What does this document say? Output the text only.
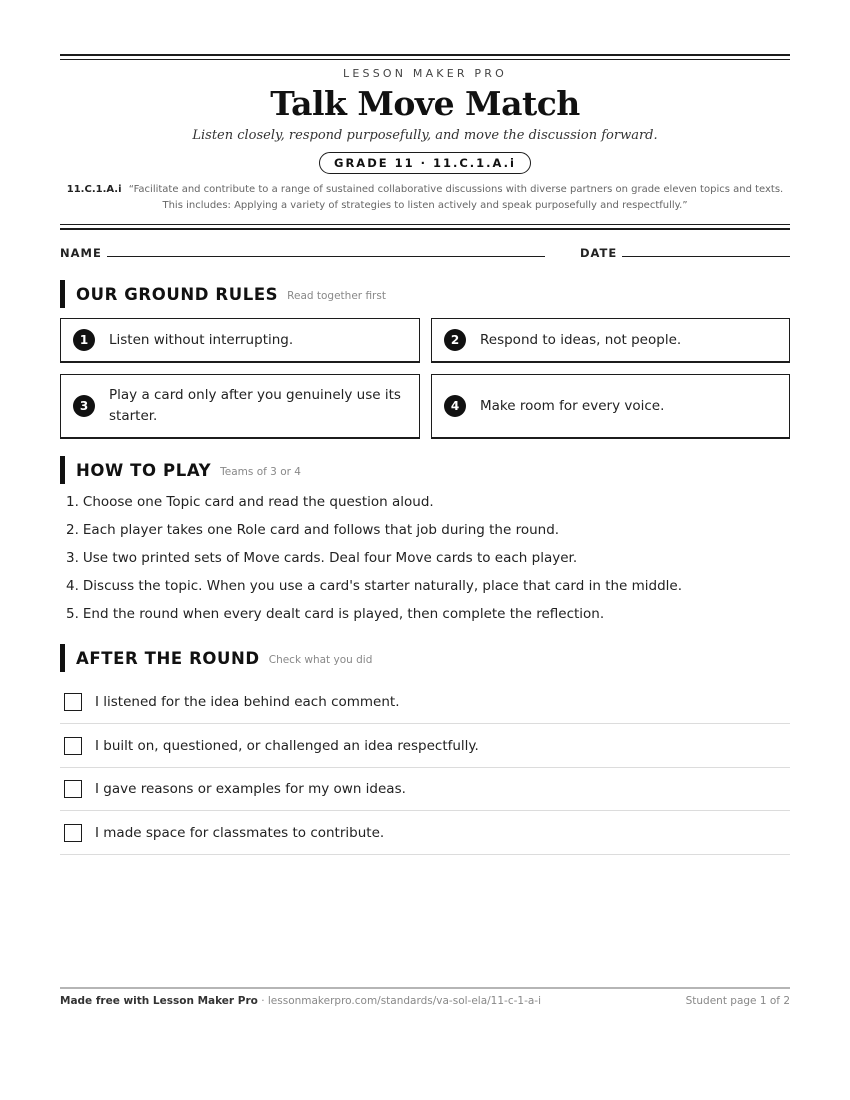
LESSON MAKER PRO
Talk Move Match
Listen closely, respond purposefully, and move the discussion forward.
GRADE 11 · 11.C.1.A.i
11.C.1.A.i “Facilitate and contribute to a range of sustained collaborative discussions with diverse partners on grade eleven topics and texts.
This includes: Applying a variety of strategies to listen actively and speak purposefully and respectfully.”
NAME	DATE
OUR GROUND RULES Read together first
1	Listen without interrupting.	2	Respond to ideas, not people.
3
Play a card only after you genuinely use its starter.
4	Make room for every voice.
HOW TO PLAY Teams of 3 or 4
1. Choose one Topic card and read the question aloud.
2. Each player takes one Role card and follows that job during the round.
3. Use two printed sets of Move cards. Deal four Move cards to each player.
4. Discuss the topic. When you use a card's starter naturally, place that card in the middle.
5. End the round when every dealt card is played, then complete the reflection.
AFTER THE ROUND Check what you did
I listened for the idea behind each comment.
I built on, questioned, or challenged an idea respectfully.
I gave reasons or examples for my own ideas.
I made space for classmates to contribute.
Made free with Lesson Maker Pro · lessonmakerpro.com/standards/va-sol-ela/11-c-1-a-i	Student page 1 of 2
